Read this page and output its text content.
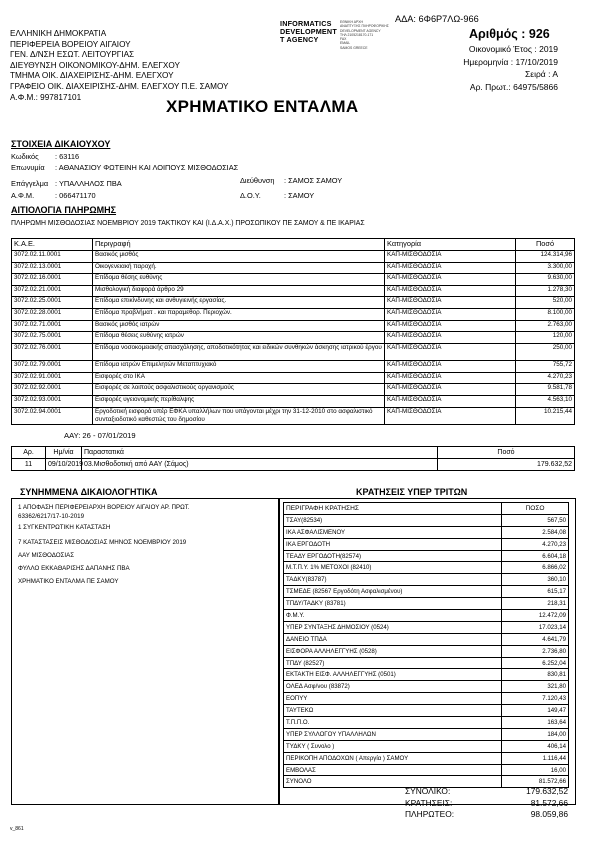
ΑΔΑ: 6Φ6Ρ7ΛΩ-966
ΕΛΛΗΝΙΚΗ ΔΗΜΟΚΡΑΤΙΑ
ΠΕΡΙΦΕΡΕΙΑ ΒΟΡΕΙΟΥ ΑΙΓΑΙΟΥ
ΓΕΝ. Δ/ΝΣΗ ΕΣΩΤ. ΛΕΙΤΟΥΡΓΙΑΣ
ΔΙΕΥΘΥΝΣΗ ΟΙΚΟΝΟΜΙΚΟΥ-ΔΗΜ. ΕΛΕΓΧΟΥ
ΤΜΗΜΑ ΟΙΚ. ΔΙΑΧΕΙΡΙΣΗΣ-ΔΗΜ. ΕΛΕΓΧΟΥ
ΓΡΑΦΕΙΟ ΟΙΚ. ΔΙΑΧΕΙΡΙΣΗΣ-ΔΗΜ. ΕΛΕΓΧΟΥ Π.Ε. ΣΑΜΟΥ
Α.Φ.Μ.: 997817101
INFORMATICS
DEVELOPMENT
T AGENCY
ΕΘΝΙΚΗ ΑΡΧΗ
ΑΝΑΠΤΥΞΗΣ ΠΛΗΡΟΦΟΡΙΚΗΣ
DEVELOPMENT AGENCY
ΤΗΛ 2105218170-171
FAX
EMAIL
SAMOS GREECE
Αριθμός : 926
Οικονομικό Έτος : 2019
Ημερομηνία : 17/10/2019
Σειρά : Α
Αρ. Πρωτ.: 64975/5866
ΧΡΗΜΑΤΙΚΟ ΕΝΤΑΛΜΑ
ΣΤΟΙΧΕΙΑ ΔΙΚΑΙΟΥΧΟΥ
Κωδικός : 63116
Επωνυμία : ΑΘΑΝΑΣΙΟΥ ΦΩΤΕΙΝΗ ΚΑΙ ΛΟΙΠΟΥΣ ΜΙΣΘΟΔΟΣΙΑΣ
Επάγγελμα : ΥΠΑΛΛΗΛΟΣ ΠΒΑ	Διεύθυνση : ΣΑΜΟΣ ΣΑΜΟΥ
Α.Φ.Μ.	: 066471170	Δ.Ο.Υ.	: ΣΑΜΟΥ
ΑΙΤΙΟΛΟΓΙΑ ΠΛΗΡΩΜΗΣ
ΠΛΗΡΩΜΗ ΜΙΣΘΟΔΟΣΙΑΣ ΝΟΕΜΒΡΙΟΥ 2019 ΤΑΚΤΙΚΟΥ ΚΑΙ (Ι.Δ.Α.Χ.) ΠΡΟΣΩΠΙΚΟΥ ΠΕ ΣΑΜΟΥ & ΠΕ ΙΚΑΡΙΑΣ
Κ.Α.Ε.	Περιγραφή	Κατηγορία	Ποσό
3072.02.11.0001	Βασικός μισθός	ΚΑΠ-ΜΙΣΘΟΔΟΣΙΑ	124.314,96
3072.02.13.0001	Οικογενειακή παροχή.	ΚΑΠ-ΜΙΣΘΟΔΟΣΙΑ	3.300,00
3072.02.16.0001	Επίδομα θέσης ευθύνης	ΚΑΠ-ΜΙΣΘΟΔΟΣΙΑ	9.630,00
3072.02.21.0001	Μισθολογική διαφορά άρθρο 29	ΚΑΠ-ΜΙΣΘΟΔΟΣΙΑ	1.278,30
3072.02.25.0001	Επίδομα επικίνδυνης και ανθυγιεινής εργασίας.	ΚΑΠ-ΜΙΣΘΟΔΟΣΙΑ	520,00
3072.02.28.0001	Επίδομα προβλήματ . και παραμεθορ. Περιοχών.	ΚΑΠ-ΜΙΣΘΟΔΟΣΙΑ	8.100,00
3072.02.71.0001	Βασικός μισθός ιατρών	ΚΑΠ-ΜΙΣΘΟΔΟΣΙΑ	2.763,00
3072.02.75.0001	Επίδομα θέσεις ευθύνης ιατρών	ΚΑΠ-ΜΙΣΘΟΔΟΣΙΑ	120,00
3072.02.76.0001	Επίδομα νοσοκομειακής απασχόλησης, αποδοτικότητας και ειδικών συνθηκών άσκησης ιατρικού έργου	ΚΑΠ-ΜΙΣΘΟΔΟΣΙΑ	250,00
3072.02.79.0001	Επίδομα ιατρών Επιμελητών Μεταπτυχιακό	ΚΑΠ-ΜΙΣΘΟΔΟΣΙΑ	755,72
3072.02.91.0001	Εισφορές στο ΙΚΑ	ΚΑΠ-ΜΙΣΘΟΔΟΣΙΑ	4.270,23
3072.02.92.0001	Εισφορές σε λοιπούς ασφαλιστικούς οργανισμούς	ΚΑΠ-ΜΙΣΘΟΔΟΣΙΑ	9.581,78
3072.02.93.0001	Εισφορές υγειονομικής περίθαλψης	ΚΑΠ-ΜΙΣΘΟΔΟΣΙΑ	4.563,10
3072.02.94.0001	Εργοδοτική εισφορά υπέρ ΕΦΚΑ υπαλλήλων που υπάγονται μέχρι την 31-12-2010 στο ασφαλιστικό συνταξιοδοτικό καθεστώς του δημοσίου	ΚΑΠ-ΜΙΣΘΟΔΟΣΙΑ	10.215,44
ΑΑΥ: 26 - 07/01/2019
Αρ.	Ημ/νία	Παραστατικά	Ποσό
11	09/10/2019	03.Μισθοδοτική από ΑΑΥ (Σάμος)	179.632,52
ΣΥΝΗΜΜΕΝΑ ΔΙΚΑΙΟΛΟΓΗΤΙΚΑ
1 ΑΠΟΦΑΣΗ ΠΕΡΙΦΕΡΕΙΑΡΧΗ ΒΟΡΕΙΟΥ ΑΙΓΑΙΟΥ ΑΡ. ΠΡΩΤ.
63362/6217/17-10-2019
1 ΣΥΓΚΕΝΤΡΩΤΙΚΗ ΚΑΤΑΣΤΑΣΗ
7 ΚΑΤΑΣΤΑΣΕΙΣ ΜΙΣΘΟΔΟΣΙΑΣ ΜΗΝΟΣ ΝΟΕΜΒΡΙΟΥ 2019
ΑΑΥ ΜΙΣΘΟΔΟΣΙΑΣ
ΦΥΛΛΟ ΕΚΚΑΘΑΡΙΣΗΣ ΔΑΠΑΝΗΣ ΠΒΑ
ΧΡΗΜΑΤΙΚΟ ΕΝΤΑΛΜΑ ΠΕ ΣΑΜΟΥ
ΚΡΑΤΗΣΕΙΣ ΥΠΕΡ ΤΡΙΤΩΝ
ΠΕΡΙΓΡΑΦΗ ΚΡΑΤΗΣΗΣ	ΠΟΣΟ
ΤΣΑΥ(82534)	567,50
ΙΚΑ ΑΣΦΑΛΙΣΜΕΝΟΥ	2.584,08
ΙΚΑ ΕΡΓΟΔΟΤΗ	4.270,23
ΤΕΑΔΥ ΕΡΓΟΔΟΤΗ(82574)	6.604,18
Μ.Τ.Π.Υ. 1% ΜΕΤΟΧΟΙ (82410)	6.866,02
ΤΑΔΚΥ(83787)	360,10
ΤΣΜΕΔΕ (82567 Εργοδότη Ασφαλισμένου)	615,17
ΤΠΔΥ/ΤΑΔΚΥ (83781)	218,31
Φ.Μ.Υ.	12.472,09
ΥΠΕΡ ΣΥΝΤΑΞΗΣ ΔΗΜΟΣΙΟΥ (0524)	17.023,14
ΔΑΝΕΙΟ ΤΠΔΑ	4.641,79
ΕΙΣΦΟΡΑ ΑΛΛΗΛΕΓΓΥΗΣ (0528)	2.736,80
ΤΠΔΥ (82527)	6.252,04
ΕΚΤΑΚΤΗ ΕΙΣΦ. ΑΛΛΗΛΕΓΓΥΗΣ (0501)	830,81
ΟΛΕΔ Ασφ/νου (83872)	321,80
ΕΟΠΥΥ	7.120,43
ΤΑΥΤΕΚΩ	149,47
Τ.Π.Π.Ο.	163,64
ΥΠΕΡ ΣΥΛΛΟΓΟΥ ΥΠΑΛΛΗΛΩΝ	184,00
ΤΥΔΚΥ ( Συνολο )	406,14
ΠΕΡΙΚΟΠΗ ΑΠΟΔΟΧΩΝ ( Απεργία ) ΣΑΜΟΥ	1.116,44
ΕΜΒΟΛΑΣ	16,00
ΣΥΝΟΛΟ	81.572,66
ΣΥΝΟΛΙΚΟ:	179.632,52
ΚΡΑΤΗΣΕΙΣ:	81.572,66
ΠΛΗΡΩΤΕΟ:	98.059,86
v_861
